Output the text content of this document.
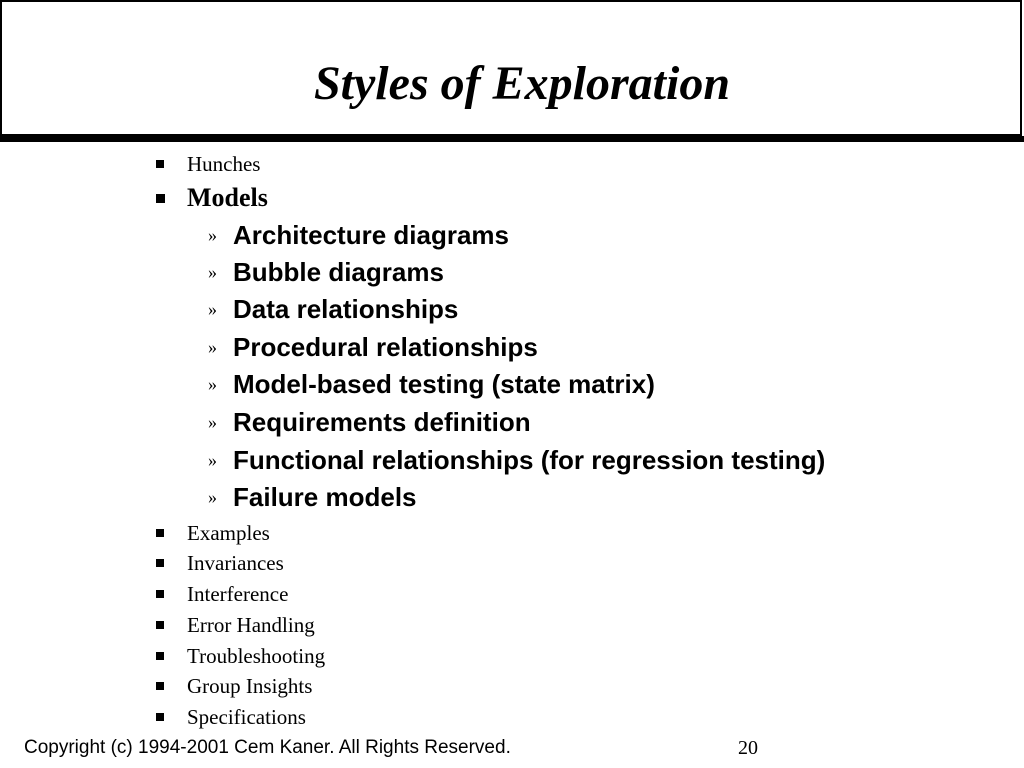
Styles of Exploration
Hunches
Models
» Architecture diagrams
» Bubble diagrams
» Data relationships
» Procedural relationships
» Model-based testing (state matrix)
» Requirements definition
» Functional relationships (for regression testing)
» Failure models
Examples
Invariances
Interference
Error Handling
Troubleshooting
Group Insights
Specifications
Copyright (c) 1994-2001 Cem Kaner. All Rights Reserved.	20
